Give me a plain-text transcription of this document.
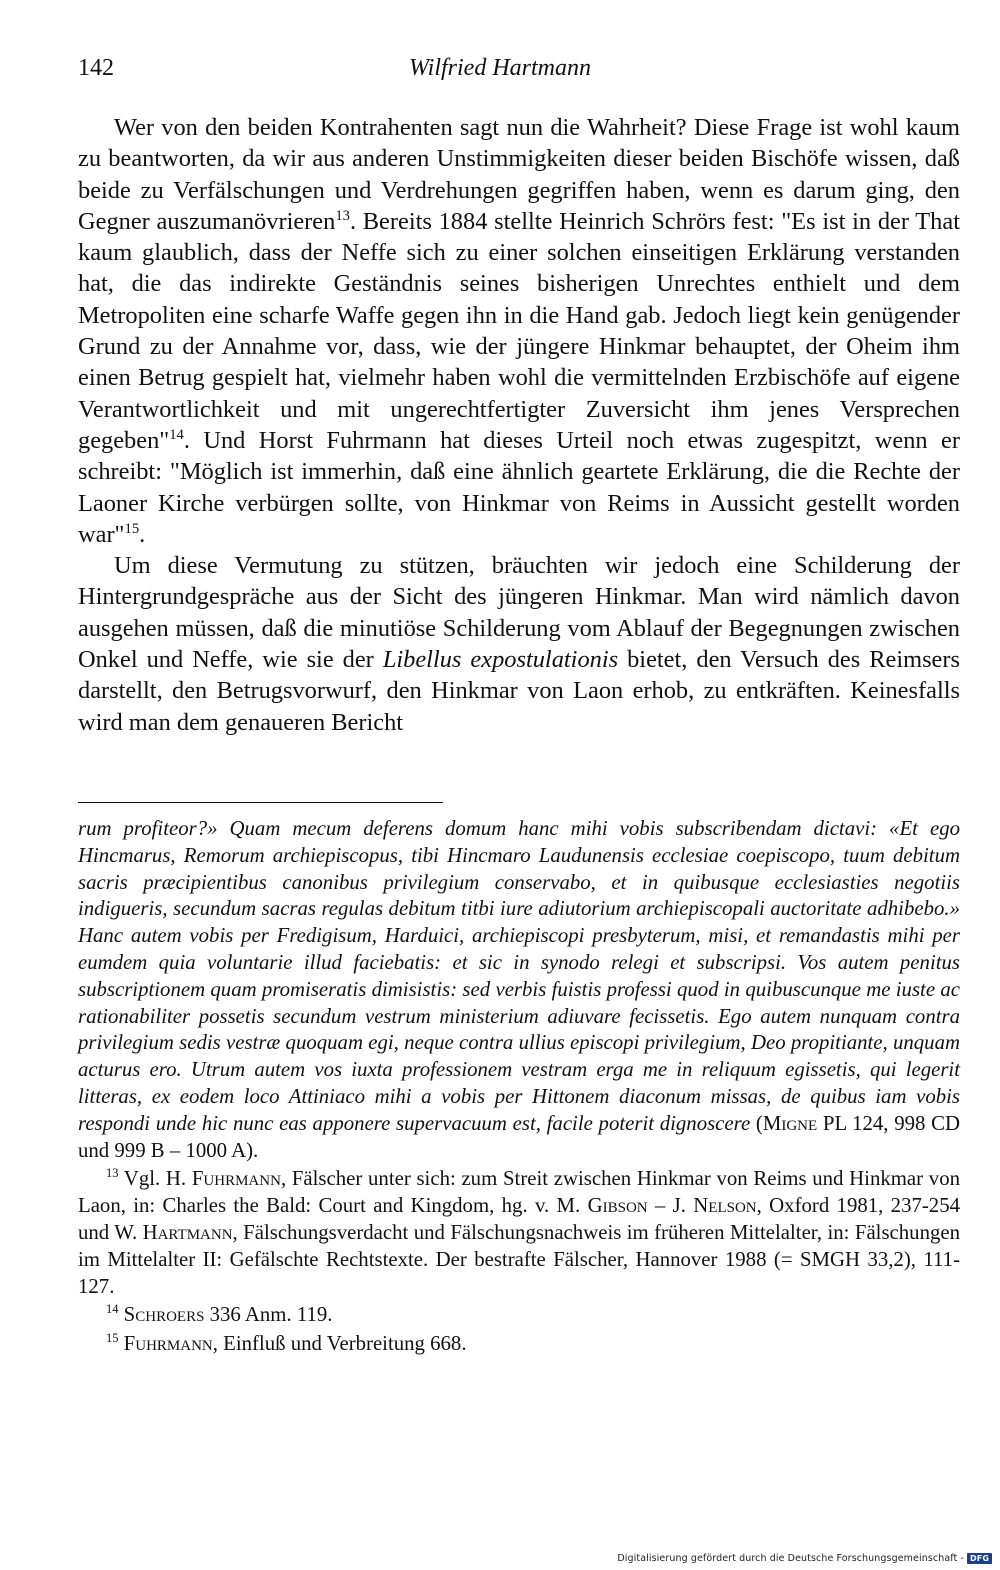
142	Wilfried Hartmann

Wer von den beiden Kontrahenten sagt nun die Wahrheit? Diese Frage ist wohl kaum zu beantworten, da wir aus anderen Unstimmigkeiten dieser beiden Bischöfe wissen, daß beide zu Verfälschungen und Verdrehungen gegriffen haben, wenn es darum ging, den Gegner auszumanövrieren$^{13}$. Bereits 1884 stellte Heinrich Schrörs fest: "Es ist in der That kaum glaublich, dass der Neffe sich zu einer solchen einseitigen Erklärung verstanden hat, die das indirekte Geständnis seines bisherigen Unrechtes enthielt und dem Metropoliten eine scharfe Waffe gegen ihn in die Hand gab. Jedoch liegt kein genügender Grund zu der Annahme vor, dass, wie der jüngere Hinkmar behauptet, der Oheim ihm einen Betrug gespielt hat, vielmehr haben wohl die vermittelnden Erzbischöfe auf eigene Verantwortlichkeit und mit ungerechtfertigter Zuversicht ihm jenes Versprechen gegeben"$^{14}$. Und Horst Fuhrmann hat dieses Urteil noch etwas zugespitzt, wenn er schreibt: "Möglich ist immerhin, daß eine ähnlich geartete Erklärung, die die Rechte der Laoner Kirche verbürgen sollte, von Hinkmar von Reims in Aussicht gestellt worden war"$^{15}$.

Um diese Vermutung zu stützen, bräuchten wir jedoch eine Schilderung der Hintergrundgespräche aus der Sicht des jüngeren Hinkmar. Man wird nämlich davon ausgehen müssen, daß die minutiöse Schilderung vom Ablauf der Begegnungen zwischen Onkel und Neffe, wie sie der Libellus expostulationis bietet, den Versuch des Reimsers darstellt, den Betrugsvorwurf, den Hinkmar von Laon erhob, zu entkräften. Keinesfalls wird man dem genaueren Bericht

rum profiteor?» Quam mecum deferens domum hanc mihi vobis subscribendam dictavi: «Et ego Hincmarus, Remorum archiepiscopus, tibi Hincmaro Laudunensis ecclesiae coepiscopo, tuum debitum sacris præcipientibus canonibus privilegium conservabo, et in quibusque ecclesiasties negotiis indigueris, secundum sacras regulas debitum titbi iure adiutorium archiepiscopali auctoritate adhibebo.» Hanc autem vobis per Fredigisum, Harduici, archiepiscopi presbyterum, misi, et remandastis mihi per eumdem quia voluntarie illud faciebatis: et sic in synodo relegi et subscripsi. Vos autem penitus subscriptionem quam promiseratis dimisistis: sed verbis fuistis professi quod in quibuscunque me iuste ac rationabiliter possetis secundum vestrum ministerium adiuvare fecissetis. Ego autem nunquam contra privilegium sedis vestræ quoquam egi, neque contra ullius episcopi privilegium, Deo propitiante, unquam acturus ero. Utrum autem vos iuxta professionem vestram erga me in reliquum egissetis, qui legerit litteras, ex eodem loco Attiniaco mihi a vobis per Hittonem diaconum missas, de quibus iam vobis respondi unde hic nunc eas apponere supervacuum est, facile poterit dignoscere (Migne PL 124, 998 CD und 999 B – 1000 A).

$^{13}$ Vgl. H. Fuhrmann, Fälscher unter sich: zum Streit zwischen Hinkmar von Reims und Hinkmar von Laon, in: Charles the Bald: Court and Kingdom, hg. v. M. Gibson – J. Nelson, Oxford 1981, 237-254 und W. Hartmann, Fälschungsverdacht und Fälschungsnachweis im früheren Mittelalter, in: Fälschungen im Mittelalter II: Gefälschte Rechtstexte. Der bestrafte Fälscher, Hannover 1988 (= SMGH 33,2), 111-127.

$^{14}$ Schroers 336 Anm. 119.

$^{15}$ Fuhrmann, Einfluß und Verbreitung 668.

Digitalisierung gefördert durch die Deutsche Forschungsgemeinschaft - DFG
